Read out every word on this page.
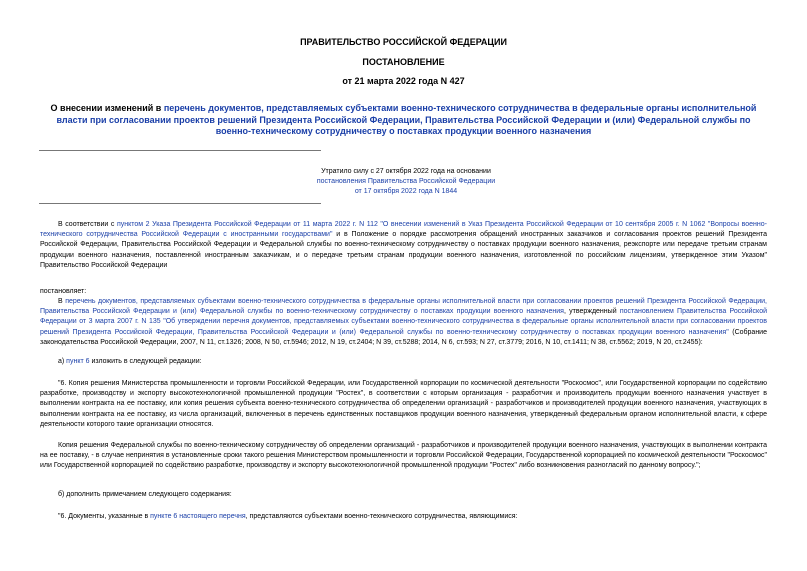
ПРАВИТЕЛЬСТВО РОССИЙСКОЙ ФЕДЕРАЦИИ
ПОСТАНОВЛЕНИЕ
от 21 марта 2022 года N 427
О внесении изменений в перечень документов, представляемых субъектами военно-технического сотрудничества в федеральные органы исполнительной власти при согласовании проектов решений Президента Российской Федерации, Правительства Российской Федерации и (или) Федеральной службы по военно-техническому сотрудничеству о поставках продукции военного назначения
Утратило силу с 27 октября 2022 года на основании
постановления Правительства Российской Федерации
от 17 октября 2022 года N 1844

В соответствии с пунктом 2 Указа Президента Российской Федерации от 11 марта 2022 г. N 112 "О внесении изменений в Указ Президента Российской Федерации от 10 сентября 2005 г. N 1062 "Вопросы военно-технического сотрудничества Российской Федерации с иностранными государствами" и в Положение о порядке рассмотрения обращений иностранных заказчиков и согласования проектов решений Президента Российской Федерации, Правительства Российской Федерации и Федеральной службы по военно-техническому сотрудничеству о поставках продукции военного назначения, реэкспорте или передаче третьим странам продукции военного назначения, поставленной иностранным заказчикам, и о передаче третьим странам продукции военного назначения, изготовленной по российским лицензиям, утвержденное этим Указом" Правительство Российской Федерации

постановляет:

В перечень документов, представляемых субъектами военно-технического сотрудничества в федеральные органы исполнительной власти при согласовании проектов решений Президента Российской Федерации, Правительства Российской Федерации и (или) Федеральной службы по военно-техническому сотрудничеству о поставках продукции военного назначения, утвержденный постановлением Правительства Российской Федерации от 3 марта 2007 г. N 135 "Об утверждении перечня документов, представляемых субъектами военно-технического сотрудничества в федеральные органы исполнительной власти при согласовании проектов решений Президента Российской Федерации, Правительства Российской Федерации и (или) Федеральной службы по военно-техническому сотрудничеству о поставках продукции военного назначения" (Собрание законодательства Российской Федерации, 2007, N 11, ст.1326; 2008, N 50, ст.5946; 2012, N 19, ст.2404; N 39, ст.5288; 2014, N 6, ст.593; N 27, ст.3779; 2016, N 10, ст.1411; N 38, ст.5562; 2019, N 20, ст.2455):

а) пункт 6 изложить в следующей редакции:

"6. Копия решения Министерства промышленности и торговли Российской Федерации, или Государственной корпорации по космической деятельности "Роскосмос", или Государственной корпорации по содействию разработке, производству и экспорту высокотехнологичной промышленной продукции "Ростех", в соответствии с которым организация - разработчик и производитель продукции военного назначения участвует в выполнении контракта на ее поставку, или копия решения субъекта военно-технического сотрудничества об определении организаций - разработчиков и производителей продукции военного назначения, участвующих в выполнении контракта на ее поставку, из числа организаций, включенных в перечень единственных поставщиков продукции военного назначения, утвержденный федеральным органом исполнительной власти, к сфере деятельности которого такие организации относятся.

Копия решения Федеральной службы по военно-техническому сотрудничеству об определении организаций - разработчиков и производителей продукции военного назначения, участвующих в выполнении контракта на ее поставку, - в случае непринятия в установленные сроки такого решения Министерством промышленности и торговли Российской Федерации, Государственной корпорацией по космической деятельности "Роскосмос" или Государственной корпорацией по содействию разработке, производству и экспорту высокотехнологичной промышленной продукции "Ростех" либо возникновения разногласий по данному вопросу.";

б) дополнить примечанием следующего содержания:

"6. Документы, указанные в пункте 6 настоящего перечня, представляются субъектами военно-технического сотрудничества, являющимися:
